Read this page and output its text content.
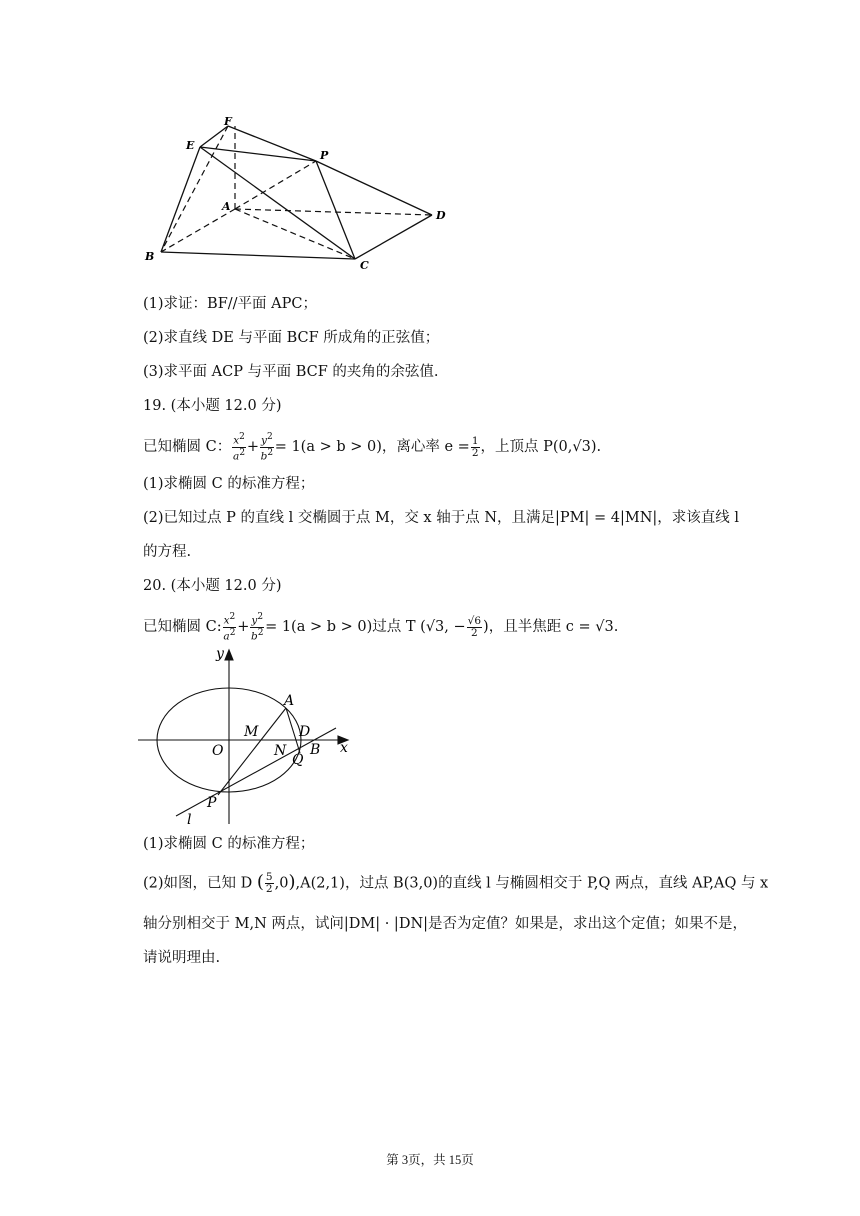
F
E
P
A
D
B
C
(1)求证：BF//平面 APC；
(2)求直线 DE 与平面 BCF 所成角的正弦值；
(3)求平面 ACP 与平面 BCF 的夹角的余弦值.
19. (本小题 12.0 分)
已知椭圆 C： $\frac{x2}{a2} + \frac{y2}{b2} = 1(a > b > 0)$，离心率 $e = \frac{1}{2}$ ，上顶点 P(0,√3).
(1)求椭圆 C 的标准方程；
(2)已知过点 P 的直线 l 交椭圆于点 M，交 x 轴于点 N，且满足|PM| = 4|MN|，求该直线 l
的方程.
20. (本小题 12.0 分)
已知椭圆 C: $\frac{x2}{a2} + \frac{y2}{b2} = 1(a > b > 0)$过点 T (√3, − $\frac{√6}{2}$ )，且半焦距 c = √3.
y
x
O
M
A
D
N B
Q
P
l
(1)求椭圆 C 的标准方程；
(2)如图，已知 D ( $\frac{5}{2} ,0),A(2,1)$，过点 B(3,0)的直线 l 与椭圆相交于 P,Q 两点，直线 AP,AQ 与 x
轴分别相交于 M,N 两点，试问|DM| · |DN|是否为定值？如果是，求出这个定值；如果不是，
请说明理由.
第 3页，共 15页
